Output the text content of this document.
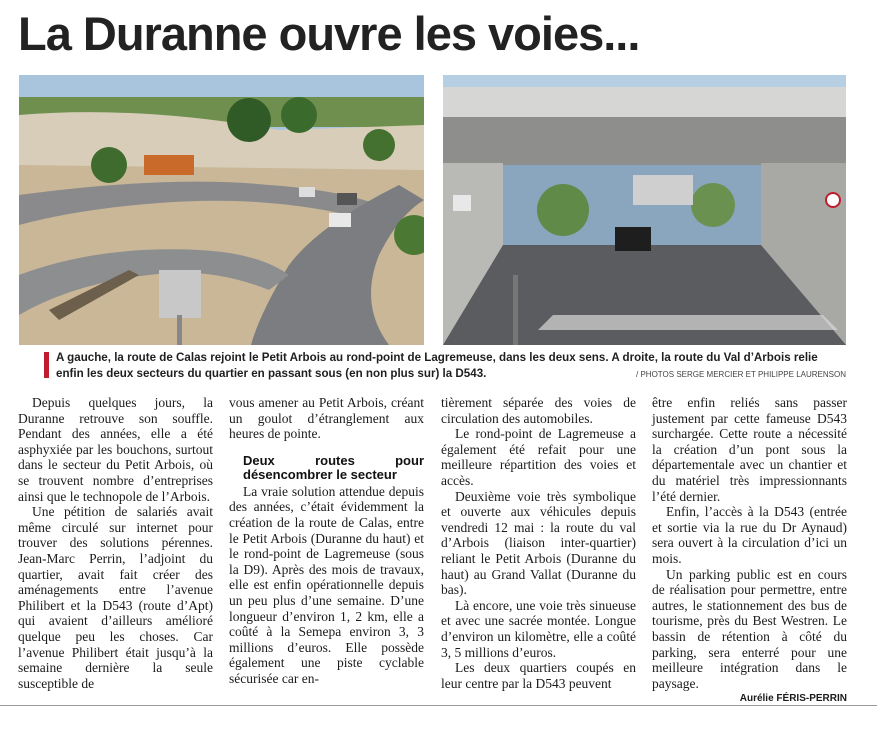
La Duranne ouvre les voies...

A gauche, la route de Calas rejoint le Petit Arbois au rond-point de Lagremeuse, dans les deux sens. A droite, la route du Val d’Arbois relie enfin les deux secteurs du quartier en passant sous (en non plus sur) la D543.	/ PHOTOS SERGE MERCIER ET PHILIPPE LAURENSON

Depuis quelques jours, la Duranne retrouve son souffle. Pendant des années, elle a été asphyxiée par les bouchons, surtout dans le secteur du Petit Arbois, où se trouvent nombre d’entreprises ainsi que le technopole de l’Arbois.

Une pétition de salariés avait même circulé sur internet pour trouver des solutions pérennes. Jean-Marc Perrin, l’adjoint du quartier, avait fait créer des aménagements entre l’avenue Philibert et la D543 (route d’Apt) qui avaient d’ailleurs amélioré quelque peu les choses. Car l’avenue Philibert était jusqu’à la semaine dernière la seule susceptible de

vous amener au Petit Arbois, créant un goulot d’étranglement aux heures de pointe.

Deux routes pour désencombrer le secteur

La vraie solution attendue depuis des années, c’était évidemment la création de la route de Calas, entre le Petit Arbois (Duranne du haut) et le rond-point de Lagremeuse (sous la D9). Après des mois de travaux, elle est enfin opérationnelle depuis un peu plus d’une semaine. D’une longueur d’environ 1, 2 km, elle a coûté à la Semepa environ 3, 3 millions d’euros. Elle possède également une piste cyclable sécurisée car en-

tièrement séparée des voies de circulation des automobiles.

Le rond-point de Lagremeuse a également été refait pour une meilleure répartition des voies et accès.

Deuxième voie très symbolique et ouverte aux véhicules depuis vendredi 12 mai : la route du val d’Arbois (liaison inter-quartier) reliant le Petit Arbois (Duranne du haut) au Grand Vallat (Duranne du bas).

Là encore, une voie très sinueuse et avec une sacrée montée. Longue d’environ un kilomètre, elle a coûté 3, 5 millions d’euros.

Les deux quartiers coupés en leur centre par la D543 peuvent

être enfin reliés sans passer justement par cette fameuse D543 surchargée. Cette route a nécessité la création d’un pont sous la départementale avec un chantier et du matériel très impressionnants l’été dernier.

Enfin, l’accès à la D543 (entrée et sortie via la rue du Dr Aynaud) sera ouvert à la circulation d’ici un mois.

Un parking public est en cours de réalisation pour permettre, entre autres, le stationnement des bus de tourisme, près du Best Westren. Le bassin de rétention à côté du parking, sera enterré pour une meilleure intégration dans le paysage.

Aurélie FÉRIS-PERRIN
